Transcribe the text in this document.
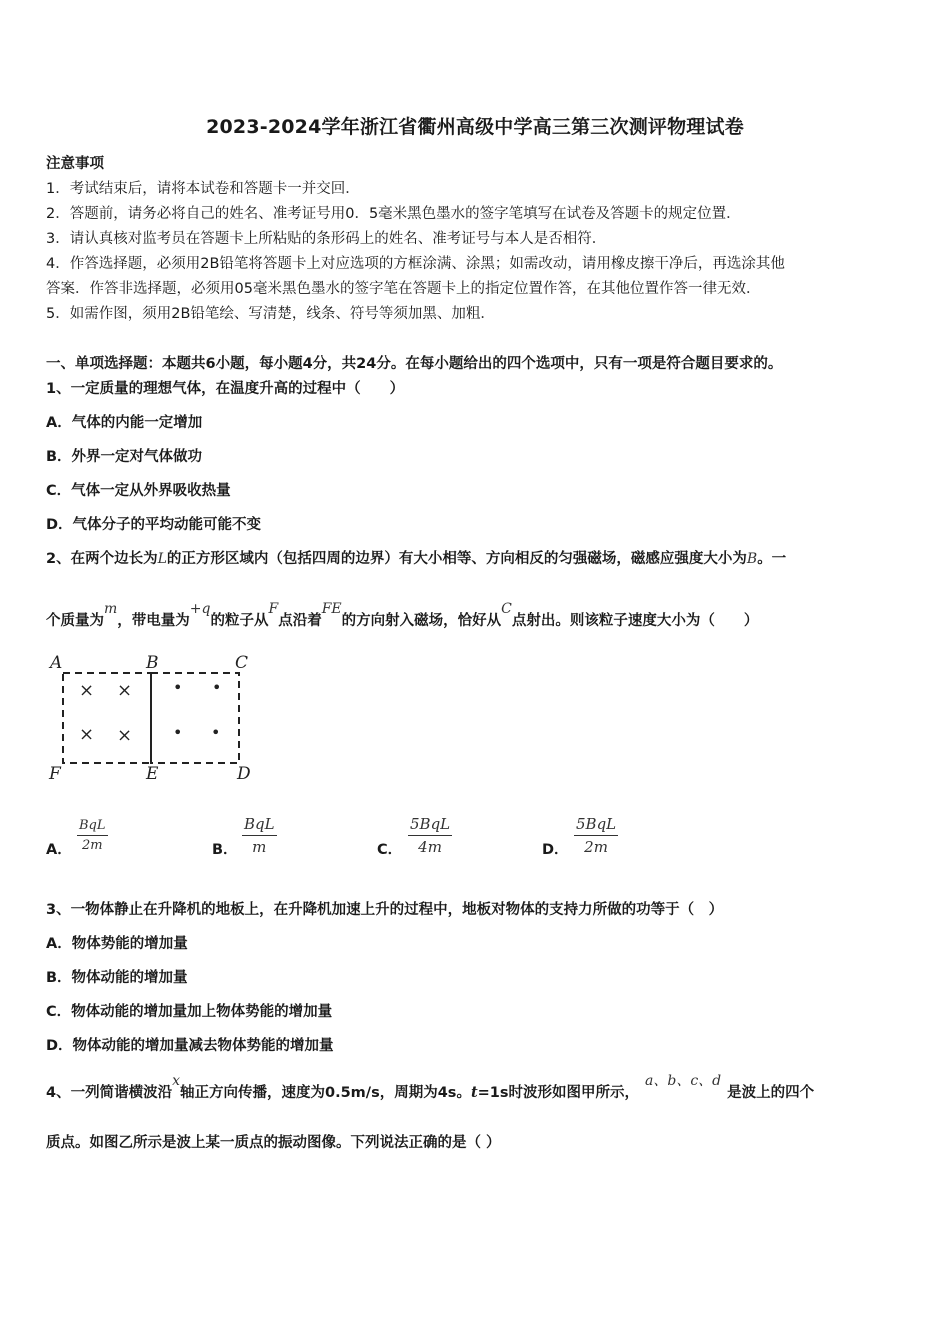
2023-2024学年浙江省衢州高级中学高三第三次测评物理试卷
注意事项
1．考试结束后，请将本试卷和答题卡一并交回．
2．答题前，请务必将自己的姓名、准考证号用0．5毫米黑色墨水的签字笔填写在试卷及答题卡的规定位置．
3．请认真核对监考员在答题卡上所粘贴的条形码上的姓名、准考证号与本人是否相符．
4．作答选择题，必须用2B铅笔将答题卡上对应选项的方框涂满、涂黑；如需改动，请用橡皮擦干净后，再选涂其他
答案．作答非选择题，必须用05毫米黑色墨水的签字笔在答题卡上的指定位置作答，在其他位置作答一律无效．
5．如需作图，须用2B铅笔绘、写清楚，线条、符号等须加黑、加粗．
一、单项选择题：本题共6小题，每小题4分，共24分。在每小题给出的四个选项中，只有一项是符合题目要求的。
1、一定质量的理想气体，在温度升高的过程中（　　）
A．气体的内能一定增加
B．外界一定对气体做功
C．气体一定从外界吸收热量
D．气体分子的平均动能可能不变
2、在两个边长为L的正方形区域内（包括四周的边界）有大小相等、方向相反的匀强磁场，磁感应强度大小为B。一
个质量为m，带电量为+q的粒子从F点沿着FE的方向射入磁场，恰好从C点射出。则该粒子速度大小为（　　）
A	B	C
F	E	D
× ×
× ×
• •
• •
A．
BqL
2m	B．
BqL
m	C．
5BqL
4m	D．
5BqL
2m
3、一物体静止在升降机的地板上，在升降机加速上升的过程中，地板对物体的支持力所做的功等于（　）
A．物体势能的增加量
B．物体动能的增加量
C．物体动能的增加量加上物体势能的增加量
D．物体动能的增加量减去物体势能的增加量
4、一列简谐横波沿x轴正方向传播，速度为0.5m/s，周期为4s。t=1s时波形如图甲所示，a、b、c、d是波上的四个
质点。如图乙所示是波上某一质点的振动图像。下列说法正确的是（ ）
